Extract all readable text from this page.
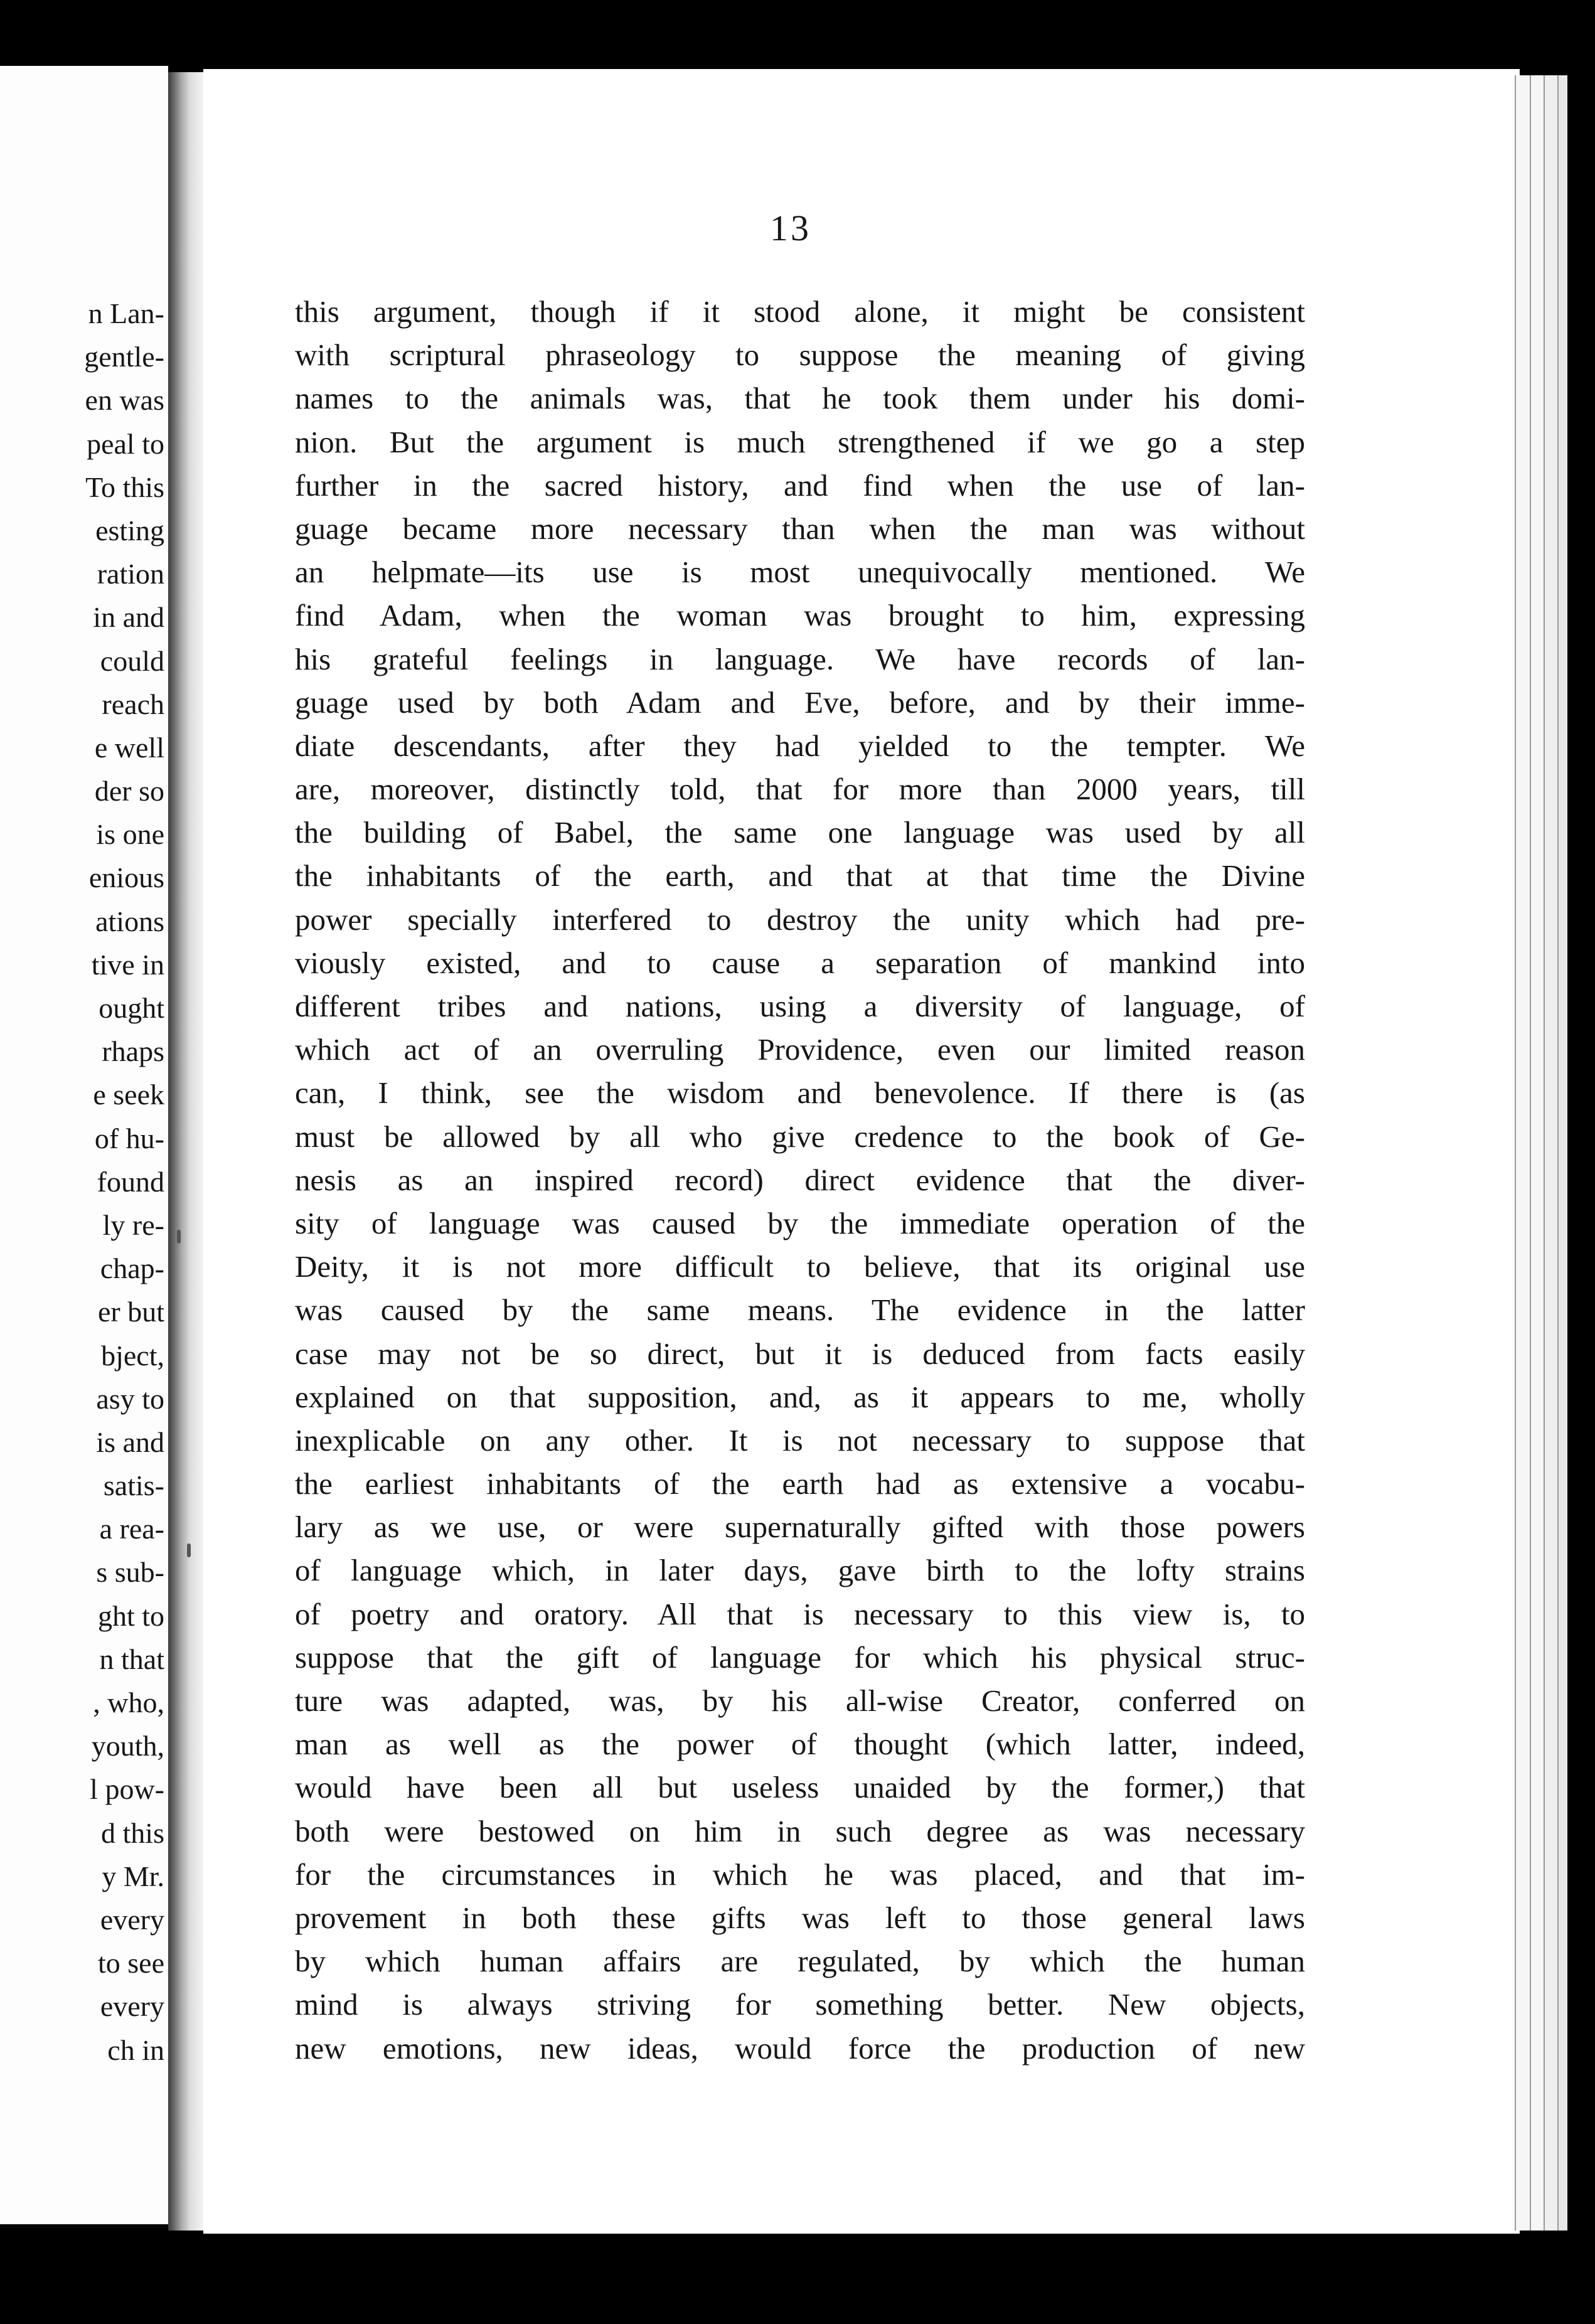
n Lan-
gentle-
en was
peal to
To this
esting
ration
in and
could
reach
e well
der so
is one
enious
ations
tive in
ought
rhaps
e seek
of hu-
found
ly re-
chap-
er but
bject,
asy to
is and
satis-
a rea-
s sub-
ght to
n that
, who,
youth,
l pow-
d this
y Mr.
every
to see
every
ch in
13
this argument, though if it stood alone, it might be consistent
with scriptural phraseology to suppose the meaning of giving
names to the animals was, that he took them under his domi-
nion. But the argument is much strengthened if we go a step
further in the sacred history, and find when the use of lan-
guage became more necessary than when the man was without
an helpmate—its use is most unequivocally mentioned. We
find Adam, when the woman was brought to him, expressing
his grateful feelings in language. We have records of lan-
guage used by both Adam and Eve, before, and by their imme-
diate descendants, after they had yielded to the tempter. We
are, moreover, distinctly told, that for more than 2000 years, till
the building of Babel, the same one language was used by all
the inhabitants of the earth, and that at that time the Divine
power specially interfered to destroy the unity which had pre-
viously existed, and to cause a separation of mankind into
different tribes and nations, using a diversity of language, of
which act of an overruling Providence, even our limited reason
can, I think, see the wisdom and benevolence. If there is (as
must be allowed by all who give credence to the book of Ge-
nesis as an inspired record) direct evidence that the diver-
sity of language was caused by the immediate operation of the
Deity, it is not more difficult to believe, that its original use
was caused by the same means. The evidence in the latter
case may not be so direct, but it is deduced from facts easily
explained on that supposition, and, as it appears to me, wholly
inexplicable on any other. It is not necessary to suppose that
the earliest inhabitants of the earth had as extensive a vocabu-
lary as we use, or were supernaturally gifted with those powers
of language which, in later days, gave birth to the lofty strains
of poetry and oratory. All that is necessary to this view is, to
suppose that the gift of language for which his physical struc-
ture was adapted, was, by his all-wise Creator, conferred on
man as well as the power of thought (which latter, indeed,
would have been all but useless unaided by the former,) that
both were bestowed on him in such degree as was necessary
for the circumstances in which he was placed, and that im-
provement in both these gifts was left to those general laws
by which human affairs are regulated, by which the human
mind is always striving for something better. New objects,
new emotions, new ideas, would force the production of new
